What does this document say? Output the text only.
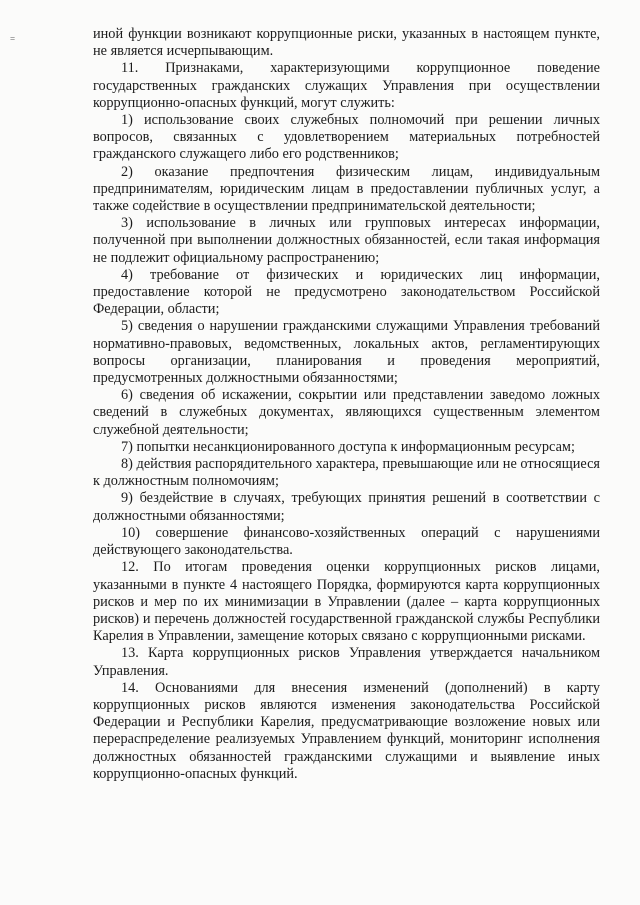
=	иной функции возникают коррупционные риски, указанных в настоящем пункте, не является исчерпывающим.

11. Признаками, характеризующими коррупционное поведение государственных гражданских служащих Управления при осуществлении коррупционно-опасных функций, могут служить:

1) использование своих служебных полномочий при решении личных вопросов, связанных с удовлетворением материальных потребностей гражданского служащего либо его родственников;

2) оказание предпочтения физическим лицам, индивидуальным предпринимателям, юридическим лицам в предоставлении публичных услуг, а также содействие в осуществлении предпринимательской деятельности;

3) использование в личных или групповых интересах информации, полученной при выполнении должностных обязанностей, если такая информация не подлежит официальному распространению;

4) требование от физических и юридических лиц информации, предоставление которой не предусмотрено законодательством Российской Федерации, области;

5) сведения о нарушении гражданскими служащими Управления требований нормативно-правовых, ведомственных, локальных актов, регламентирующих вопросы организации, планирования и проведения мероприятий, предусмотренных должностными обязанностями;

6) сведения об искажении, сокрытии или представлении заведомо ложных сведений в служебных документах, являющихся существенным элементом служебной деятельности;

7) попытки несанкционированного доступа к информационным ресурсам;

8) действия распорядительного характера, превышающие или не относящиеся к должностным полномочиям;

9) бездействие в случаях, требующих принятия решений в соответствии с должностными обязанностями;

10) совершение финансово-хозяйственных операций с нарушениями действующего законодательства.

12. По итогам проведения оценки коррупционных рисков лицами, указанными в пункте 4 настоящего Порядка, формируются карта коррупционных рисков и мер по их минимизации в Управлении (далее – карта коррупционных рисков) и перечень должностей государственной гражданской службы Республики Карелия в Управлении, замещение которых связано с коррупционными рисками.

13. Карта коррупционных рисков Управления утверждается начальником Управления.

14. Основаниями для внесения изменений (дополнений) в карту коррупционных рисков являются изменения законодательства Российской Федерации и Республики Карелия, предусматривающие возложение новых или перераспределение реализуемых Управлением функций, мониторинг исполнения должностных обязанностей гражданскими служащими и выявление иных коррупционно-опасных функций.
